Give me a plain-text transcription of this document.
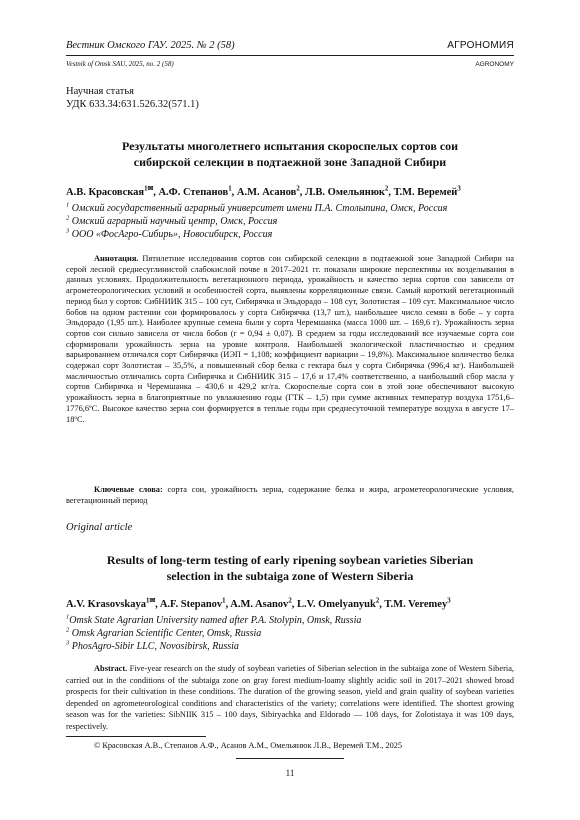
Вестник Омского ГАУ. 2025. № 2 (58)	АГРОНОМИЯ
Vestnik of Omsk SAU, 2025, no. 2 (58)	AGRONOMY
Научная статья
УДК 633.34:631.526.32(571.1)
Результаты многолетнего испытания скороспелых сортов сои
сибирской селекции в подтаежной зоне Западной Сибири
А.В. Красовская$^{1✉}$, А.Ф. Степанов$^1$, А.М. Асанов$^2$, Л.В. Омельянюк$^2$, Т.М. Веремей$^3$
$^1$ Омский государственный аграрный университет имени П.А. Столыпина, Омск, Россия
$^2$ Омский аграрный научный центр, Омск, Россия
$^3$ ООО «ФосАгро-Сибирь», Новосибирск, Россия
Аннотация. Пятилетние исследования сортов сои сибирской селекции в подтаежной зоне Западной Сибири на серой лесной среднесуглинистой слабокислой почве в 2017–2021 гг. показали широкие перспективы их возделывания в данных условиях. Продолжительность вегетационного периода, урожайность и качество зерна сортов сои зависели от агрометеорологических условий и особенностей сорта, выявлены корреляционные связи. Самый короткий вегетационный период был у сортов: СибНИИК 315 – 100 сут, Сибирячка и Эльдорадо – 108 сут, Золотистая – 109 сут. Максимальное число бобов на одном растении сои формировалось у сорта Сибирячка (13,7 шт.), наибольшее число семян в бобе – у сорта Эльдорадо (1,95 шт.). Наиболее крупные семена были у сорта Черемшанка (масса 1000 шт. – 169,6 г). Урожайность зерна сортов сои сильно зависела от числа бобов (r = 0,94 ± 0,07). В среднем за годы исследований все изучаемые сорта сои сформировали урожайность зерна на уровне контроля. Наибольшей экологической пластичностью и средним варьированием отличался сорт Сибирячка (ИЭП = 1,108; коэффициент вариации – 19,8%). Максимальное количество белка содержал сорт Золотистая – 35,5%, а повышенный сбор белка с гектара был у сорта Сибирячка (996,4 кг). Наибольшей масличностью отличались сорта Сибирячка и СибНИИК 315 – 17,6 и 17,4% соответственно, а наибольший сбор масла у сортов Сибирячка и Черемшанка – 430,6 и 429,2 кг/га. Скороспелые сорта сои в этой зоне обеспечивают высокую урожайность зерна в благоприятные по увлажнению годы (ГТК – 1,5) при сумме активных температур воздуха 1751,6–1776,6ºС. Высокое качество зерна сои формируется в теплые годы при среднесуточной температуре воздуха в августе 17–18ºС.
Ключевые слова: сорта сои, урожайность зерна, содержание белка и жира, агрометеорологические условия, вегетационный период
Original article
Results of long-term testing of early ripening soybean varieties Siberian
selection in the subtaiga zone of Western Siberia
A.V. Krasovskaya$^{1✉}$, A.F. Stepanov$^1$, A.M. Asanov$^2$, L.V. Omelyanyuk$^2$, T.M. Veremey$^3$
$^1$Omsk State Agrarian University named after P.A. Stolypin, Omsk, Russia
$^2$ Omsk Agrarian Scientific Center, Omsk, Russia
$^3$ PhosAgro-Sibir LLC, Novosibirsk, Russia
Abstract. Five-year research on the study of soybean varieties of Siberian selection in the subtaiga zone of Western Siberia, carried out in the conditions of the subtaiga zone on gray forest medium-loamy slightly acidic soil in 2017–2021 showed broad prospects for their cultivation in these conditions. The duration of the growing season, yield and grain quality of soybean varieties depended on agrometeorological conditions and characteristics of the variety; correlations were identified. The shortest growing season was for the varieties: SibNIIK 315 – 100 days, Sibiryachka and Eldorado — 108 days, for Zolotistaya it was 109 days, respectively.
© Красовская А.В., Степанов А.Ф., Асанов А.М., Омельянюк Л.В., Веремей Т.М., 2025
11
